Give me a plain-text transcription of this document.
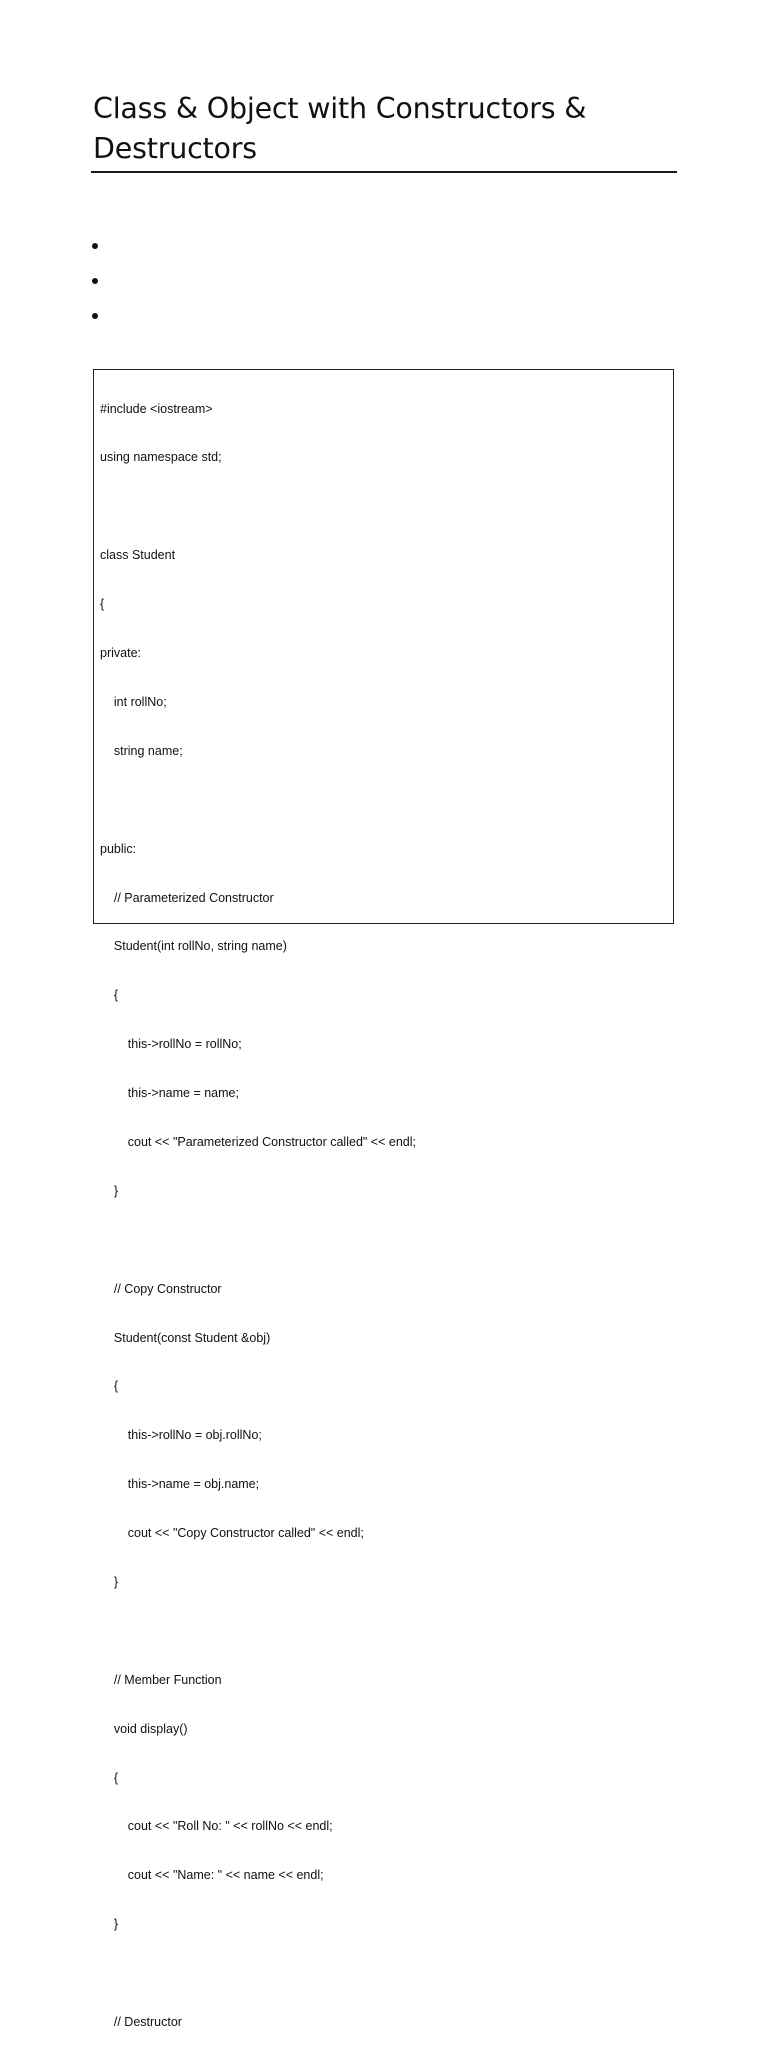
Class & Object with Constructors & Destructors

#include <iostream>

using namespace std;

class Student

{

private:

int rollNo;

string name;

public:

// Parameterized Constructor

Student(int rollNo, string name)

{

this->rollNo = rollNo;

this->name = name;

cout << "Parameterized Constructor called" << endl;

}

// Copy Constructor

Student(const Student &obj)

{

this->rollNo = obj.rollNo;

this->name = obj.name;

cout << "Copy Constructor called" << endl;

}

// Member Function

void display()

{

cout << "Roll No: " << rollNo << endl;

cout << "Name: " << name << endl;

}

// Destructor
